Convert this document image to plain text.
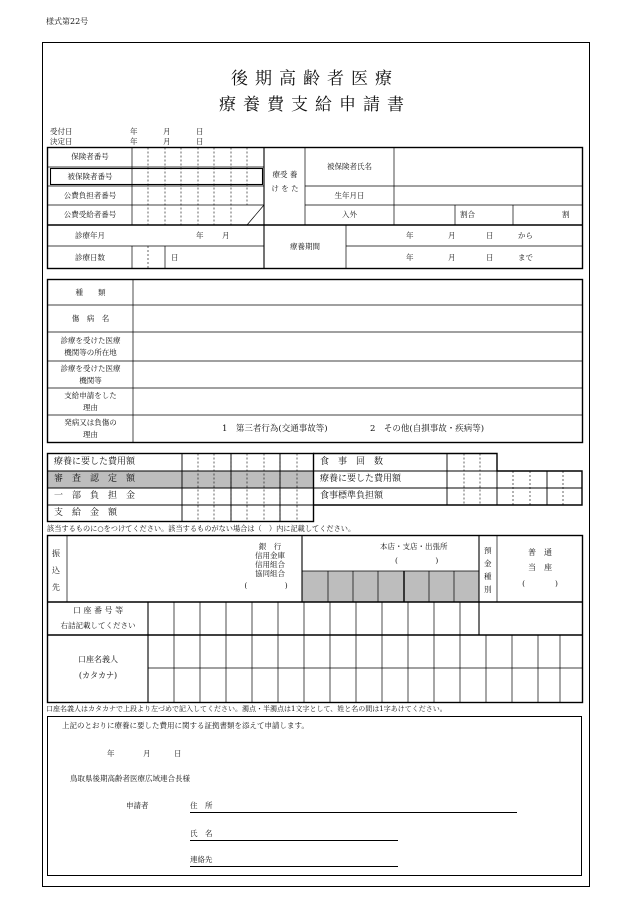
様式第22号
後期高齢者医療
療養費支給申請書
受付日
決定日
年	月	日
年	月	日
保険者番号
被保険者番号
公費負担者番号
公費受給者番号
療受 養け を た
被保険者氏名
生年月日
入外	割合	割
診療年月	年 月
診療日数	日
療養期間
年	月	日	から
年	月	日	まで
種　　類
傷　病　名
診療を受けた医療
機関等の所在地
診療を受けた医療
機関等
支給申請をした
理由
発病又は負傷の
理由
1　第三者行為(交通事故等)	2　その他(自損事故・疾病等)
療養に要した費用額
審　査　認　定　額
一　部　負　担　金
支　給　金　額
食　事　回　数
療養に要した費用額
食事標準負担額
該当するものに○をつけてください。該当するものがない場合は（　）内に記載してください。
振 込 先
銀　行
信用金庫
信用組合
協同組合
(　　　　　)
本店・支店・出張所
(　　　　　)
預 金 種 別
普　通
当　座
(　　　　)
口 座 番 号 等
右詰記載してください
口座名義人
(カタカナ)
口座名義人はカタカナで上段より左づめで記入してください。濁点・半濁点は1文字として、姓と名の間は1字あけてください。
上記のとおりに療養に要した費用に関する証拠書類を添えて申請します。
年	月	日
鳥取県後期高齢者医療広域連合長様
申請者	住　所
氏　名
連絡先
